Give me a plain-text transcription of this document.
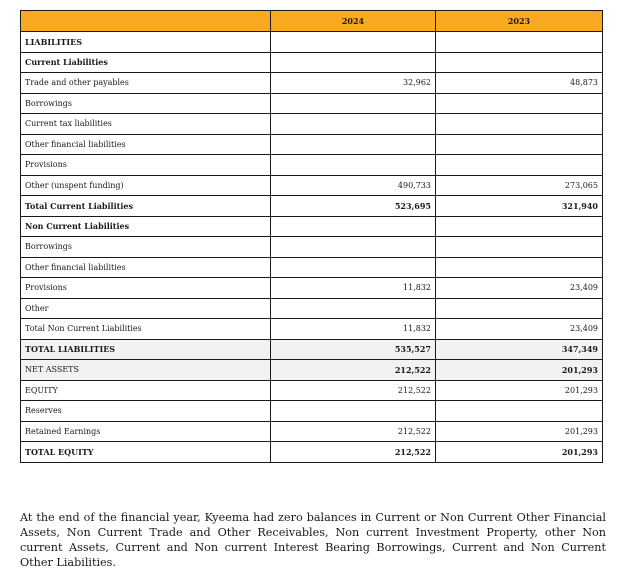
	2024	2023
LIABILITIES		
Current Liabilities		
Trade and other payables	32,962	48,873
Borrowings		
Current tax liabilities		
Other financial liabilities		
Provisions		
Other (unspent funding)	490,733	273,065
Total Current Liabilities	523,695	321,940
Non Current Liabilities		
Borrowings		
Other financial liabilities		
Provisions	11,832	23,409
Other		
Total Non Current Liabilities	11,832	23,409
TOTAL LIABILITIES	535,527	347,349
NET ASSETS	212,522	201,293
EQUITY	212,522	201,293
Reserves		
Retained Earnings	212,522	201,293
TOTAL EQUITY	212,522	201,293

At the end of the financial year, Kyeema had zero balances in Current or Non Current Other Financial Assets, Non Current Trade and Other Receivables, Non current Investment Property, other Non current Assets, Current and Non current Interest Bearing Borrowings, Current and Non Current Other Liabilities.
